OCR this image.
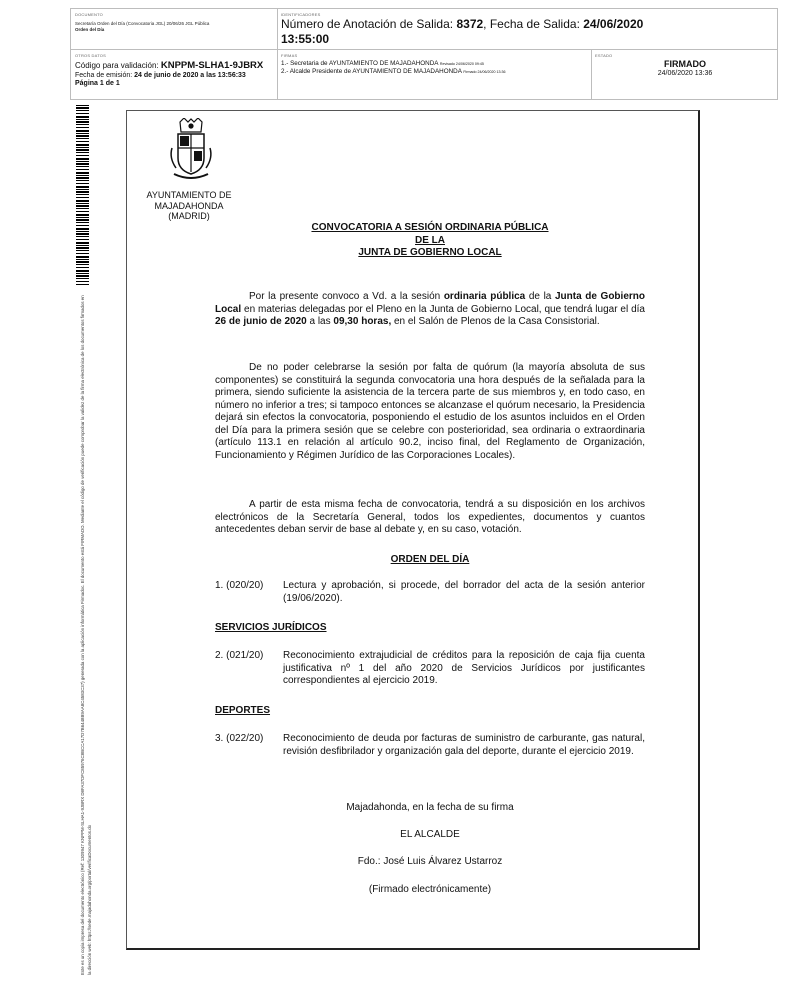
DOCUMENTO
Secretaría Orden del Día (Convocatoria JGL) 20/06/26 JGL Pública
Orden del Día
IDENTIFICADORES
Número de Anotación de Salida: 8372, Fecha de Salida: 24/06/2020
13:55:00
OTROS DATOS
Código para validación: KNPPM-SLHA1-9JBRX
Fecha de emisión: 24 de junio de 2020 a las 13:56:33
Página 1 de 1
FIRMAS
1.- Secretaria de AYUNTAMIENTO DE MAJADAHONDA Revisado 24/06/2020 09:45
2.- Alcalde Presidente de AYUNTAMIENTO DE MAJADAHONDA Firmado 24/06/2020 13:36
ESTADO
FIRMADO
24/06/2020 13:36
Este es un copia impresa del documento electrónico (Ref: 1309947 KNPPM-SLHA1-9JBRX D8FA37DFC85976C8BCCA17D7B6448B9AA8C4583C37) generada con la aplicación informática Firmadoc. El documento está FIRMADO. Mediante el código de verificación puede comprobar la validez de la firma electrónica de los documentos firmados en la dirección web: https://sede.majadahonda.org/portal/verificaDocumentos.do
AYUNTAMIENTO DE
MAJADAHONDA
(MADRID)
CONVOCATORIA A SESIÓN ORDINARIA PÚBLICA
DE LA
JUNTA DE GOBIERNO LOCAL

Por la presente convoco a Vd. a la sesión ordinaria pública de la Junta de Gobierno Local en materias delegadas por el Pleno en la Junta de Gobierno Local, que tendrá lugar el día 26 de junio de 2020 a las 09,30 horas, en el Salón de Plenos de la Casa Consistorial.

De no poder celebrarse la sesión por falta de quórum (la mayoría absoluta de sus componentes) se constituirá la segunda convocatoria una hora después de la señalada para la primera, siendo suficiente la asistencia de la tercera parte de sus miembros y, en todo caso, en número no inferior a tres; si tampoco entonces se alcanzase el quórum necesario, la Presidencia dejará sin efectos la convocatoria, posponiendo el estudio de los asuntos incluidos en el Orden del Día para la primera sesión que se celebre con posterioridad, sea ordinaria o extraordinaria (artículo 113.1 en relación al artículo 90.2, inciso final, del Reglamento de Organización, Funcionamiento y Régimen Jurídico de las Corporaciones Locales).

A partir de esta misma fecha de convocatoria, tendrá a su disposición en los archivos electrónicos de la Secretaría General, todos los expedientes, documentos y cuantos antecedentes deban servir de base al debate y, en su caso, votación.

ORDEN DEL DÍA
1. (020/20) Lectura y aprobación, si procede, del borrador del acta de la sesión anterior (19/06/2020).
SERVICIOS JURÍDICOS
2. (021/20) Reconocimiento extrajudicial de créditos para la reposición de caja fija cuenta justificativa nº 1 del año 2020 de Servicios Jurídicos por justificantes correspondientes al ejercicio 2019.
DEPORTES
3. (022/20) Reconocimiento de deuda por facturas de suministro de carburante, gas natural, revisión desfibrilador y organización gala del deporte, durante el ejercicio 2019.
Majadahonda, en la fecha de su firma
EL ALCALDE
Fdo.: José Luis Álvarez Ustarroz
(Firmado electrónicamente)
